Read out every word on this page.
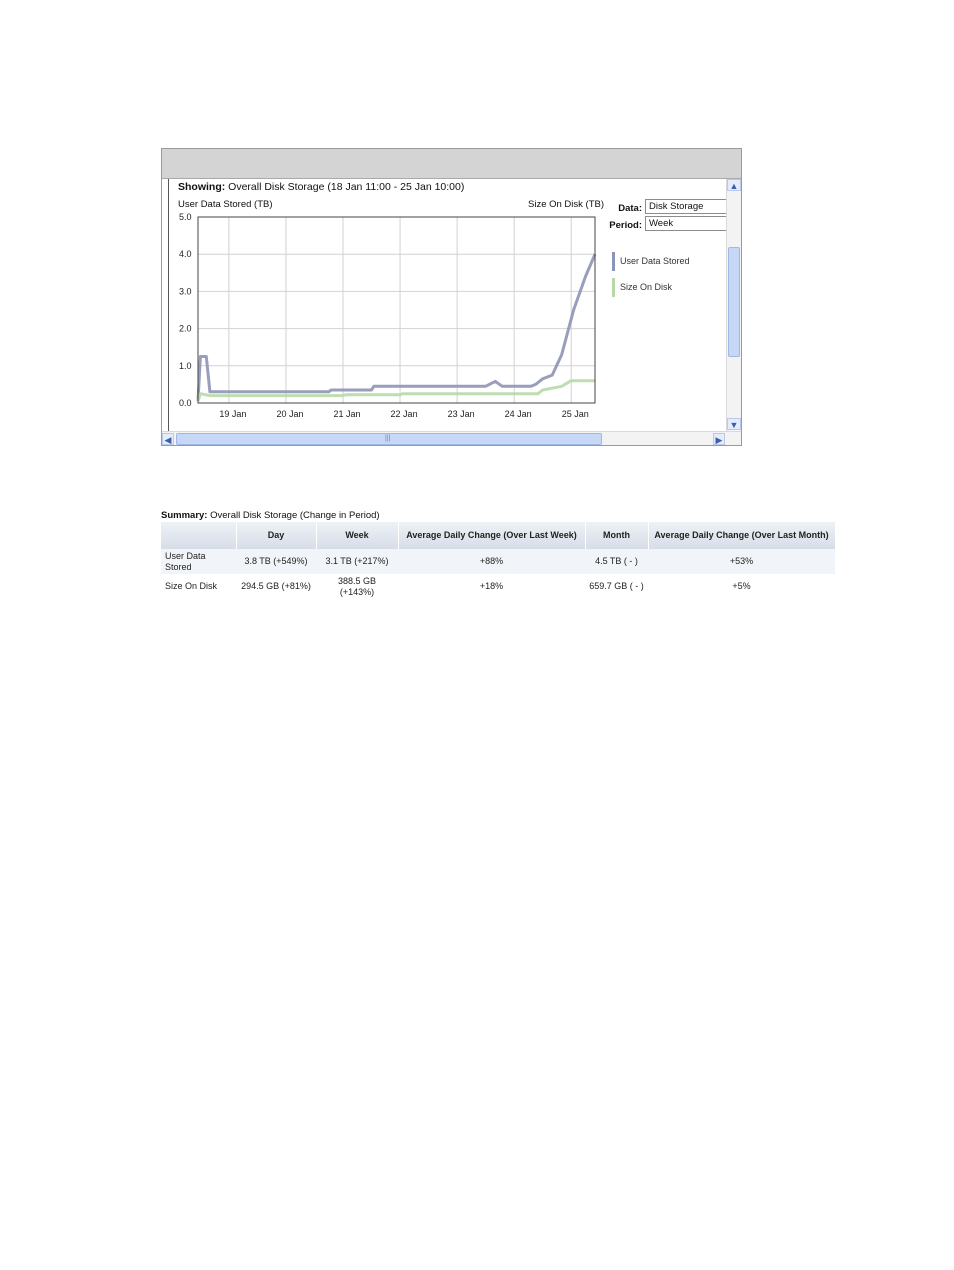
Showing: Overall Disk Storage (18 Jan 11:00 - 25 Jan 10:00)
User Data Stored (TB)	Size On Disk (TB)
0.0
1.0
2.0
3.0
4.0
5.0
19 Jan	20 Jan	21 Jan	22 Jan	23 Jan	24 Jan	25 Jan
Data: Disk Storage
Period: Week
User Data Stored
Size On Disk
▲
▼
◀	|||	▶
Summary: Overall Disk Storage (Change in Period)
	Day	Week	Average Daily Change (Over Last Week)	Month	Average Daily Change (Over Last Month)
User Data Stored	3.8 TB (+549%)	3.1 TB (+217%)	+88%	4.5 TB ( - )	+53%
Size On Disk	294.5 GB (+81%)	388.5 GB (+143%)	+18%	659.7 GB ( - )	+5%
